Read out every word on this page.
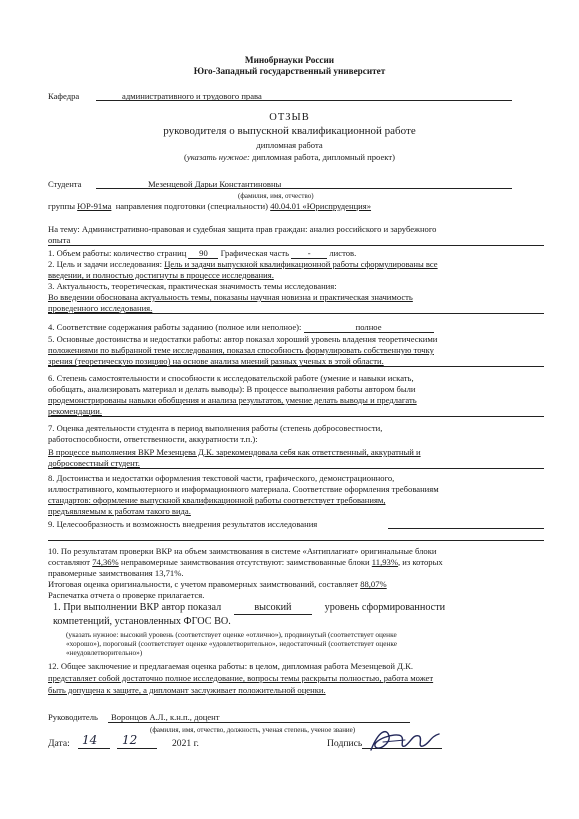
Минобрнауки России
Юго-Западный государственный университет
Кафедра	административного и трудового права
ОТЗЫВ
руководителя о выпускной квалификационной работе
дипломная работа
(указать нужное: дипломная работа, дипломный проект)
Студента	Мезенцевой Дарьи Константиновны
(фамилия, имя, отчество)
группы ЮР-91ма направления подготовки (специальности) 40.04.01 «Юриспруденция»
На тему: Административно-правовая и судебная защита прав граждан: анализ российского и зарубежного
опыта
1. Объем работы: количество страниц 90 Графическая часть - листов.
2. Цель и задачи исследования: Цель и задачи выпускной квалификационной работы сформулированы все
введении, и полностью достигнуты в процессе исследования.
3. Актуальность, теоретическая, практическая значимость темы исследования:
Во введении обоснована актуальность темы, показаны научная новизна и практическая значимость
проведенного исследования.
4. Соответствие содержания работы заданию (полное или неполное):	полное
5. Основные достоинства и недостатки работы: автор показал хороший уровень владения теоретическими
положениями по выбранной теме исследования, показал способность формулировать собственную точку
зрения (теоретическую позицию) на основе анализа мнений разных ученых в этой области.
6. Степень самостоятельности и способности к исследовательской работе (умение и навыки искать,
обобщать, анализировать материал и делать выводы): В процессе выполнения работы автором были
продемонстрированы навыки обобщения и анализа результатов, умение делать выводы и предлагать
рекомендации.
7. Оценка деятельности студента в период выполнения работы (степень добросовестности,
работоспособности, ответственности, аккуратности т.п.):
В процессе выполнения ВКР Мезенцева Д.К. зарекомендовала себя как ответственный, аккуратный и
добросовестный студент.
8. Достоинства и недостатки оформления текстовой части, графического, демонстрационного,
иллюстративного, компьютерного и информационного материала. Соответствие оформления требованиям
стандартов: оформление выпускной квалификационной работы соответствует требованиям,
предъявляемым к работам такого вида.
9. Целесообразность и возможность внедрения результатов исследования
10. По результатам проверки ВКР на объем заимствования в системе «Антиплагиат» оригинальные блоки
составляют 74,36% неправомерные заимствования отсутствуют: заимствованные блоки 11,93%, из которых
правомерные заимствования 13,71%.
Итоговая оценка оригинальности, с учетом правомерных заимствований, составляет 88,07%
Распечатка отчета о проверке прилагается.
1. При выполнении ВКР автор показал	высокий	уровень сформированности
компетенций, установленных ФГОС ВО.
(указать нужное: высокий уровень (соответствует оценке «отлично»), продвинутый (соответствует оценке
«хорошо»), пороговый (соответствует оценке «удовлетворительно», недостаточный (соответствует оценке
«неудовлетворительно»)
12. Общее заключение и предлагаемая оценка работы: в целом, дипломная работа Мезенцевой Д.К.
представляет собой достаточно полное исследование, вопросы темы раскрыты полностью, работа может
быть допущена к защите, а дипломант заслуживает положительной оценки.
Руководитель Воронцов А.Л., к.н.п., доцент
(фамилия, имя, отчество, должность, ученая степень, ученое звание)
Дата: 14 12	2021 г.	Подпись
